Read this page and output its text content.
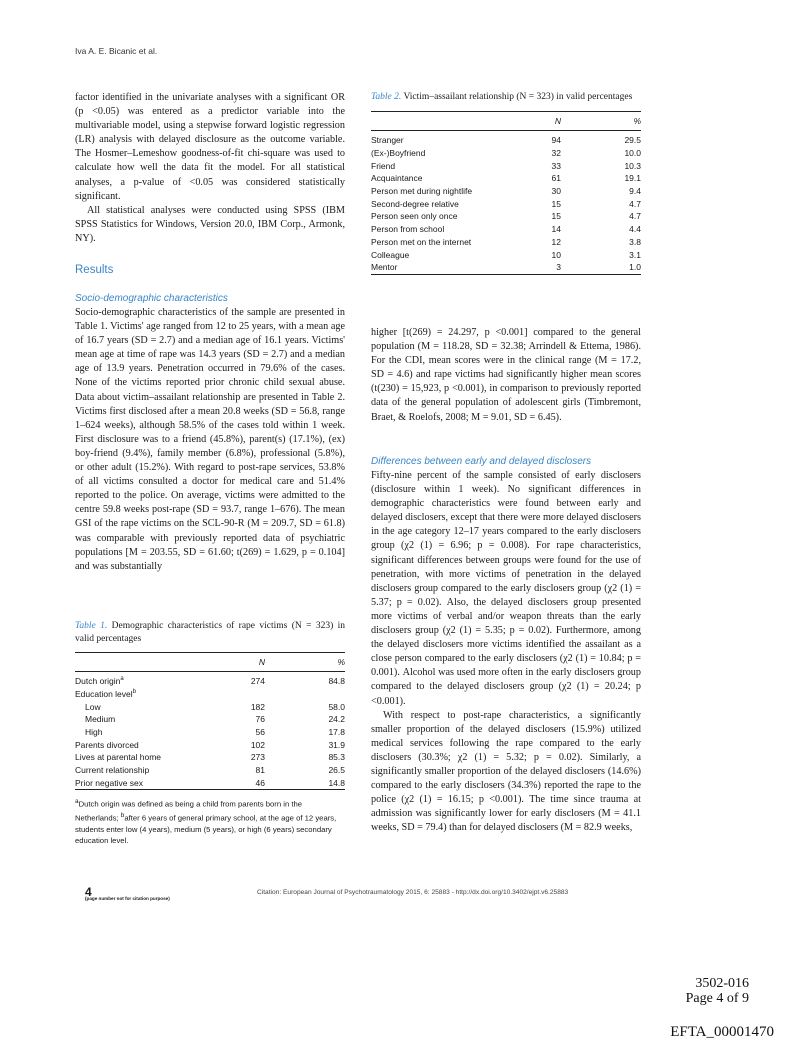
Iva A. E. Bicanic et al.

factor identified in the univariate analyses with a significant OR (p <0.05) was entered as a predictor variable into the multivariable model, using a stepwise forward logistic regression (LR) analysis with delayed disclosure as the outcome variable. The Hosmer–Lemeshow goodness-of-fit chi-square was used to calculate how well the data fit the model. For all statistical analyses, a p-value of <0.05 was considered statistically significant.

All statistical analyses were conducted using SPSS (IBM SPSS Statistics for Windows, Version 20.0, IBM Corp., Armonk, NY).

Results
Socio-demographic characteristics

Socio-demographic characteristics of the sample are presented in Table 1. Victims' age ranged from 12 to 25 years, with a mean age of 16.7 years (SD = 2.7) and a median age of 16.1 years. Victims' mean age at time of rape was 14.3 years (SD = 2.7) and a median age of 13.9 years. Penetration occurred in 79.6% of the cases. None of the victims reported prior chronic child sexual abuse. Data about victim–assailant relationship are presented in Table 2. Victims first disclosed after a mean 20.8 weeks (SD = 56.8, range 1–624 weeks), although 58.5% of the cases told within 1 week. First disclosure was to a friend (45.8%), parent(s) (17.1%), (ex) boy-friend (9.4%), family member (6.8%), professional (5.8%), or other adult (15.2%). With regard to post-rape services, 53.8% of all victims consulted a doctor for medical care and 51.4% reported to the police. On average, victims were admitted to the centre 59.8 weeks post-rape (SD = 93.7, range 1–676). The mean GSI of the rape victims on the SCL-90-R (M = 209.7, SD = 61.8) was comparable with previously reported data of psychiatric populations [M = 203.55, SD = 61.60; t(269) = 1.629, p = 0.104] and was substantially

Table 1. Demographic characteristics of rape victims (N = 323) in valid percentages
	N		%
Dutch origin$^a$	274		84.8
Education level$^b$			
Low	182		58.0
Medium	76		24.2
High	56		17.8
Parents divorced	102		31.9
Lives at parental home	273		85.3
Current relationship	81		26.5
Prior negative sex	46		14.8
$^a$Dutch origin was defined as being a child from parents born in the Netherlands; $^b$after 6 years of general primary school, at the age of 12 years, students enter low (4 years), medium (5 years), or high (6 years) secondary education level.
Table 2. Victim–assailant relationship (N = 323) in valid percentages
	N		%
Stranger	94		29.5
(Ex-)Boyfriend	32		10.0
Friend	33		10.3
Acquaintance	61		19.1
Person met during nightlife	30		9.4
Second-degree relative	15		4.7
Person seen only once	15		4.7
Person from school	14		4.4
Person met on the internet	12		3.8
Colleague	10		3.1
Mentor	3		1.0

higher [t(269) = 24.297, p <0.001] compared to the general population (M = 118.28, SD = 32.38; Arrindell & Ettema, 1986). For the CDI, mean scores were in the clinical range (M = 17.2, SD = 4.6) and rape victims had significantly higher mean scores (t(230) = 15,923, p <0.001), in comparison to previously reported data of the general population of adolescent girls (Timbremont, Braet, & Roelofs, 2008; M = 9.01, SD = 6.45).

Differences between early and delayed disclosers

Fifty-nine percent of the sample consisted of early disclosers (disclosure within 1 week). No significant differences in demographic characteristics were found between early and delayed disclosers, except that there were more delayed disclosers in the age category 12–17 years compared to the early disclosers group (χ2 (1) = 6.96; p = 0.008). For rape characteristics, significant differences between groups were found for the use of penetration, with more victims of penetration in the delayed disclosers group compared to the early disclosers group (χ2 (1) = 5.37; p = 0.02). Also, the delayed disclosers group presented more victims of verbal and/or weapon threats than the early disclosers group (χ2 (1) = 5.35; p = 0.02). Furthermore, among the delayed disclosers more victims identified the assailant as a close person compared to the early disclosers (χ2 (1) = 10.84; p = 0.001). Alcohol was used more often in the early disclosers group compared to the delayed disclosers group (χ2 (1) = 20.24; p <0.001).

With respect to post-rape characteristics, a significantly smaller proportion of the delayed disclosers (15.9%) utilized medical services following the rape compared to the early disclosers (30.3%; χ2 (1) = 5.32; p = 0.02). Similarly, a significantly smaller proportion of the delayed disclosers (14.6%) compared to the early disclosers (34.3%) reported the rape to the police (χ2 (1) = 16.15; p <0.001). The time since trauma at admission was significantly lower for early disclosers (M = 41.1 weeks, SD = 79.4) than for delayed disclosers (M = 82.9 weeks,

4
(page number not for citation purpose)
Citation: European Journal of Psychotraumatology 2015, 6: 25883 - http://dx.doi.org/10.3402/ejpt.v6.25883
3502-016
Page 4 of 9
EFTA_00001470
